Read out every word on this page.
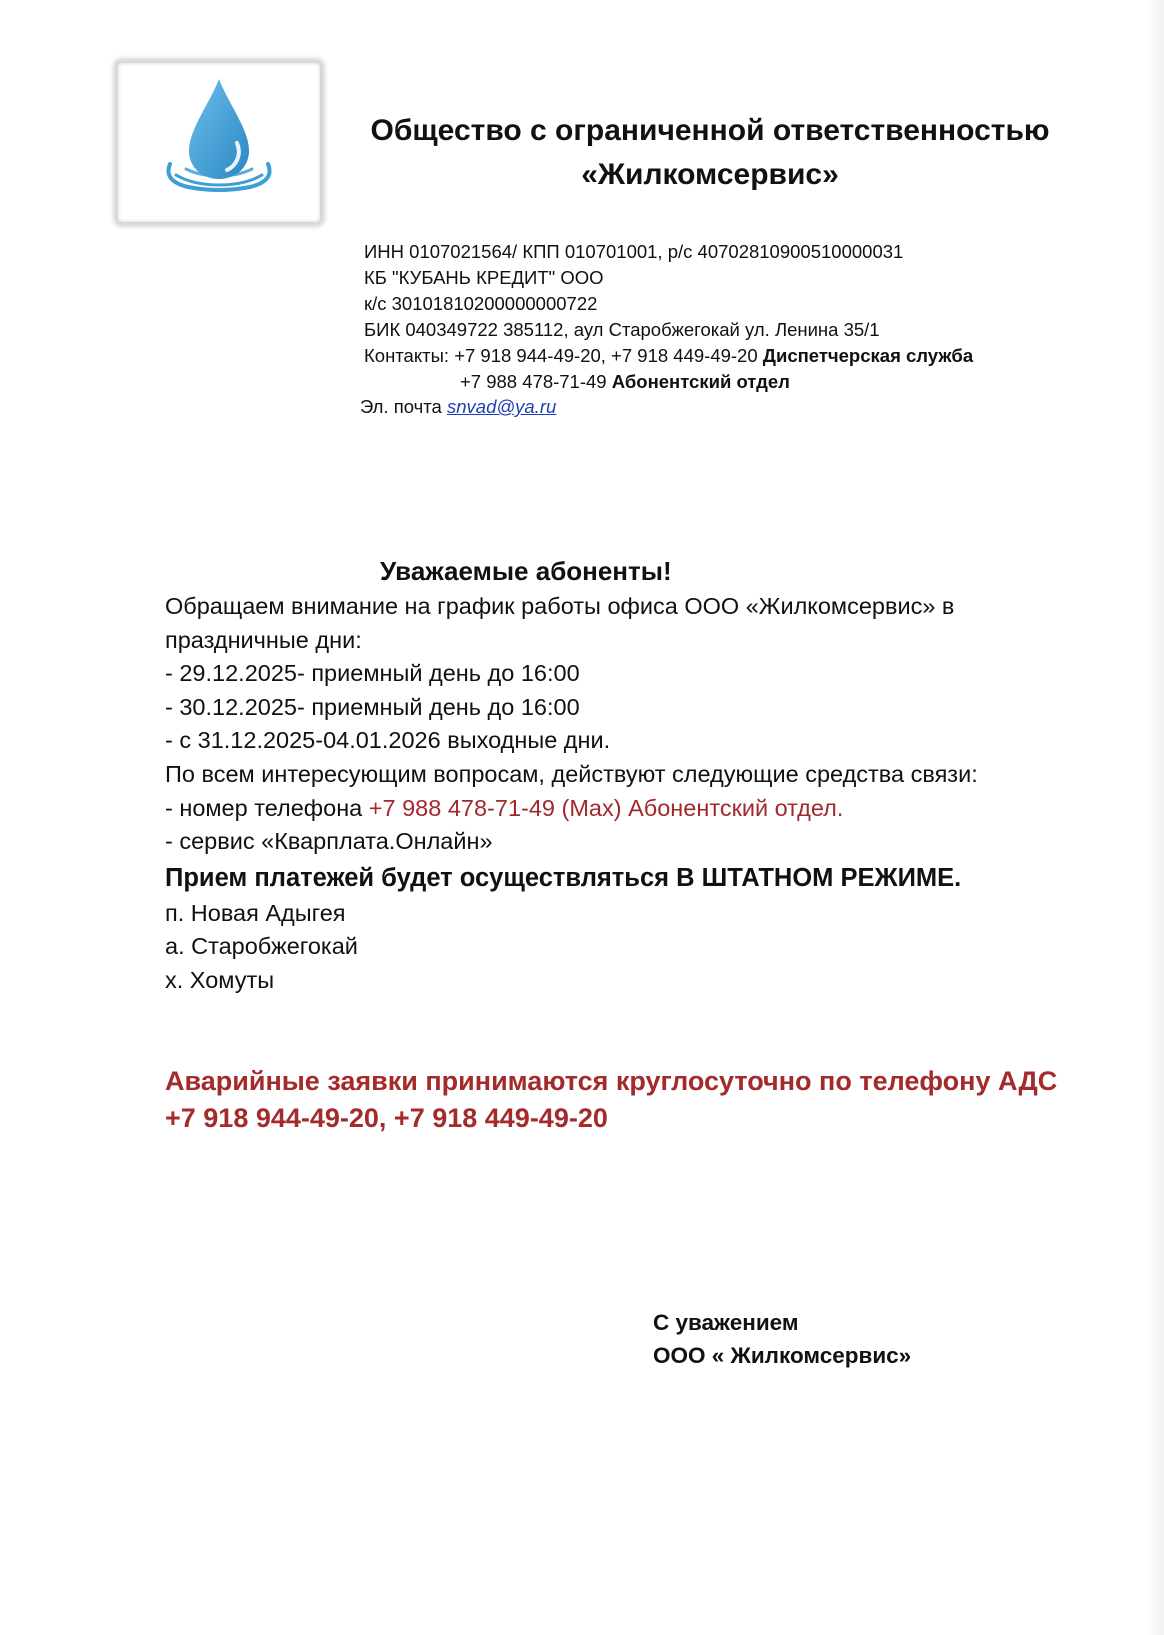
Общество с ограниченной ответственностью
«Жилкомсервис»
ИНН 0107021564/ КПП 010701001, р/с 40702810900510000031
КБ "КУБАНЬ КРЕДИТ" ООО
к/с 30101810200000000722
БИК 040349722 385112, аул Старобжегокай ул. Ленина 35/1
Контакты: +7 918 944-49-20, +7 918 449-49-20 Диспетчерская служба
+7 988 478-71-49 Абонентский отдел
Эл. почта snvad@ya.ru
Уважаемые абоненты!

Обращаем внимание на график работы офиса ООО «Жилкомсервис» в

праздничные дни:

- 29.12.2025- приемный день до 16:00

- 30.12.2025- приемный день до 16:00

- с 31.12.2025-04.01.2026 выходные дни.

По всем интересующим вопросам, действуют следующие средства связи:

- номер телефона +7 988 478-71-49 (Max) Абонентский отдел.

- сервис «Кварплата.Онлайн»

Прием платежей будет осуществляться В ШТАТНОМ РЕЖИМЕ.

п. Новая Адыгея

а. Старобжегокай

х. Хомуты

Аварийные заявки принимаются круглосуточно по телефону АДС
+7 918 944-49-20, +7 918 449-49-20
С уважением
ООО « Жилкомсервис»
